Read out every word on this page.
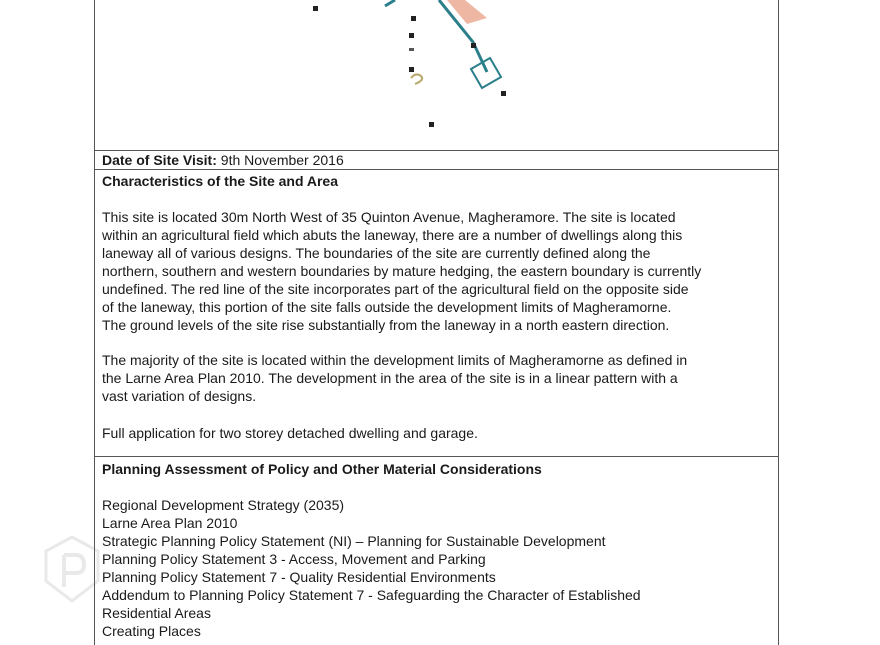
Date of Site Visit: 9th November 2016
Characteristics of the Site and Area

This site is located 30m North West of 35 Quinton Avenue, Magheramore. The site is located

within an agricultural field which abuts the laneway, there are a number of dwellings along this

laneway all of various designs. The boundaries of the site are currently defined along the

northern, southern and western boundaries by mature hedging, the eastern boundary is currently

undefined. The red line of the site incorporates part of the agricultural field on the opposite side

of the laneway, this portion of the site falls outside the development limits of Magheramorne.

The ground levels of the site rise substantially from the laneway in a north eastern direction.

The majority of the site is located within the development limits of Magheramorne as defined in

the Larne Area Plan 2010. The development in the area of the site is in a linear pattern with a

vast variation of designs.

Full application for two storey detached dwelling and garage.

Planning Assessment of Policy and Other Material Considerations
Regional Development Strategy (2035)
Larne Area Plan 2010
Strategic Planning Policy Statement (NI) – Planning for Sustainable Development
Planning Policy Statement 3 - Access, Movement and Parking
Planning Policy Statement 7 - Quality Residential Environments
Addendum to Planning Policy Statement 7 - Safeguarding the Character of Established
Residential Areas
Creating Places
